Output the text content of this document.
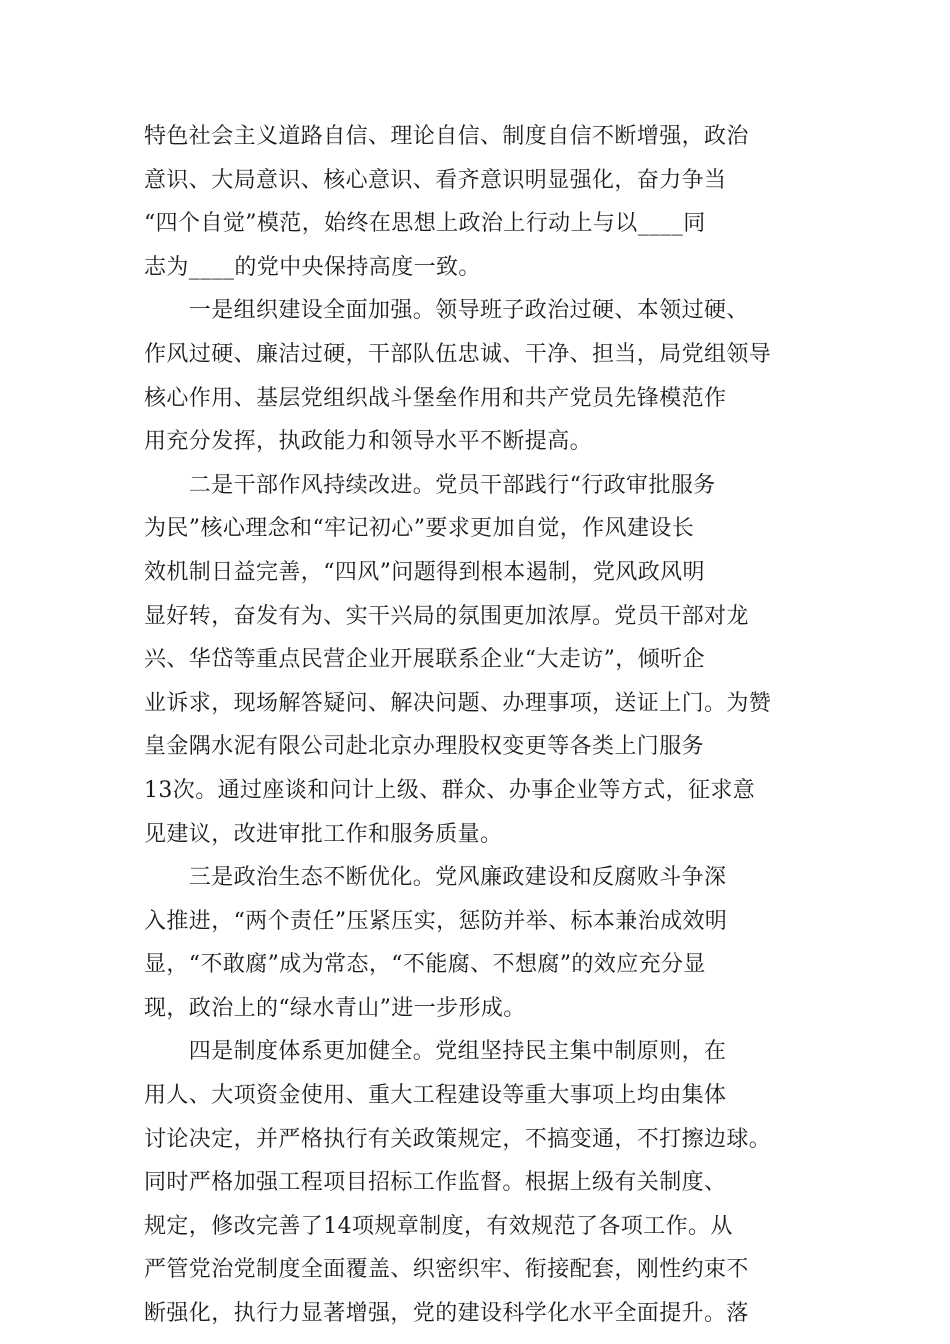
特色社会主义道路自信、理论自信、制度自信不断增强，政治
意识、大局意识、核心意识、看齐意识明显强化，奋力争当
“四个自觉”模范，始终在思想上政治上行动上与以____同
志为____的党中央保持高度一致。
　　一是组织建设全面加强。领导班子政治过硬、本领过硬、
作风过硬、廉洁过硬，干部队伍忠诚、干净、担当，局党组领导
核心作用、基层党组织战斗堡垒作用和共产党员先锋模范作
用充分发挥，执政能力和领导水平不断提高。
　　二是干部作风持续改进。党员干部践行“行政审批服务
为民”核心理念和“牢记初心”要求更加自觉，作风建设长
效机制日益完善，“四风”问题得到根本遏制，党风政风明
显好转，奋发有为、实干兴局的氛围更加浓厚。党员干部对龙
兴、华岱等重点民营企业开展联系企业“大走访”，倾听企
业诉求，现场解答疑问、解决问题、办理事项，送证上门。为赞
皇金隅水泥有限公司赴北京办理股权变更等各类上门服务
13次。通过座谈和问计上级、群众、办事企业等方式，征求意
见建议，改进审批工作和服务质量。
　　三是政治生态不断优化。党风廉政建设和反腐败斗争深
入推进，“两个责任”压紧压实，惩防并举、标本兼治成效明
显，“不敢腐”成为常态，“不能腐、不想腐”的效应充分显
现，政治上的“绿水青山”进一步形成。
　　四是制度体系更加健全。党组坚持民主集中制原则，在
用人、大项资金使用、重大工程建设等重大事项上均由集体
讨论决定，并严格执行有关政策规定，不搞变通，不打擦边球。
同时严格加强工程项目招标工作监督。根据上级有关制度、
规定，修改完善了14项规章制度，有效规范了各项工作。从
严管党治党制度全面覆盖、织密织牢、衔接配套，刚性约束不
断强化，执行力显著增强，党的建设科学化水平全面提升。落
